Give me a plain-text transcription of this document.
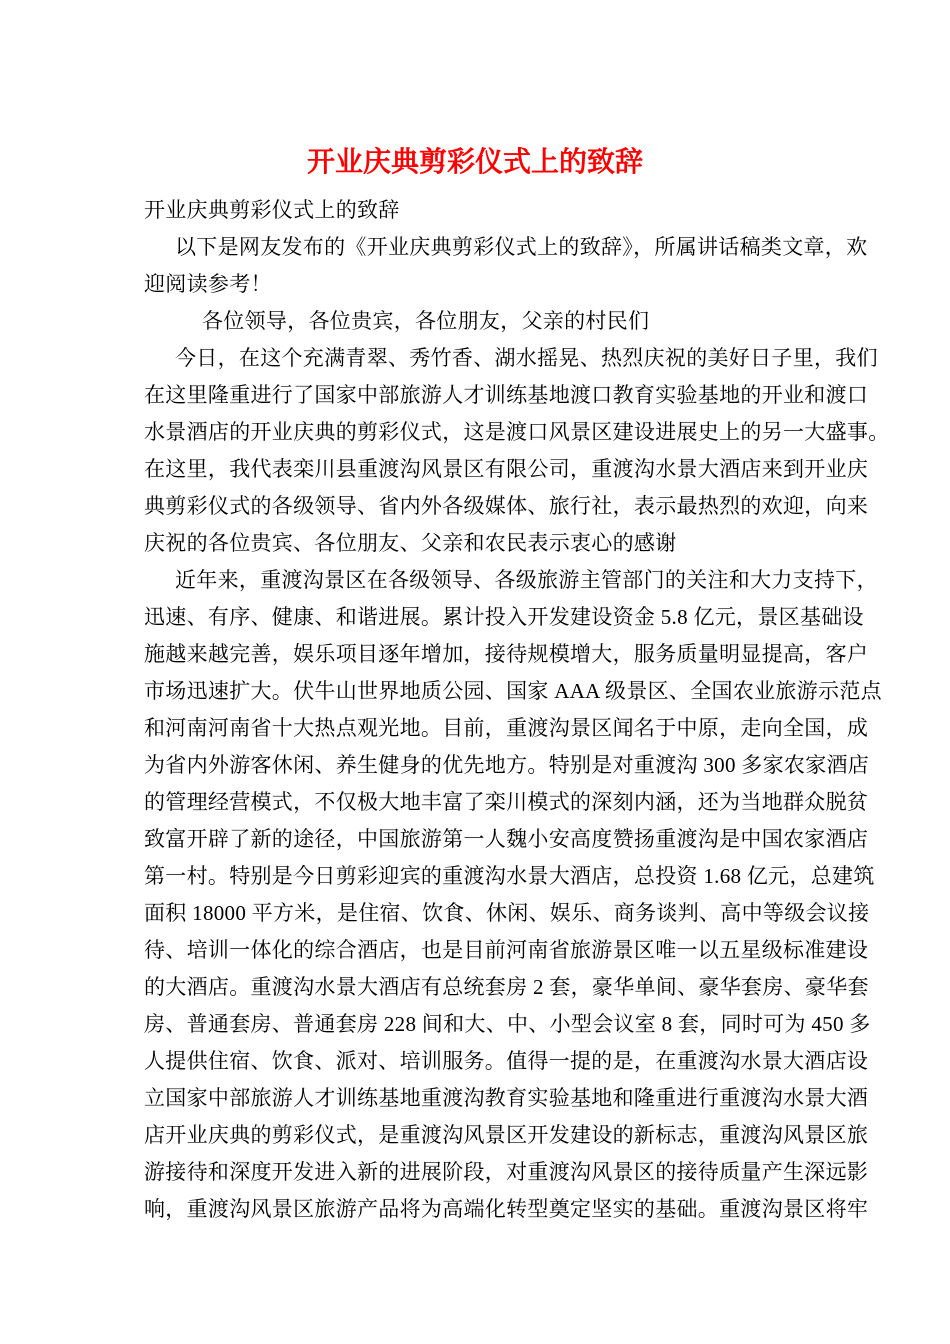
开业庆典剪彩仪式上的致辞

开业庆典剪彩仪式上的致辞

以下是网友发布的《开业庆典剪彩仪式上的致辞》，所属讲话稿类文章，欢
迎阅读参考！

各位领导，各位贵宾，各位朋友，父亲的村民们

今日，在这个充满青翠、秀竹香、湖水摇晃、热烈庆祝的美好日子里，我们
在这里隆重进行了国家中部旅游人才训练基地渡口教育实验基地的开业和渡口
水景酒店的开业庆典的剪彩仪式，这是渡口风景区建设进展史上的另一大盛事。
在这里，我代表栾川县重渡沟风景区有限公司，重渡沟水景大酒店来到开业庆
典剪彩仪式的各级领导、省内外各级媒体、旅行社，表示最热烈的欢迎，向来
庆祝的各位贵宾、各位朋友、父亲和农民表示衷心的感谢

近年来，重渡沟景区在各级领导、各级旅游主管部门的关注和大力支持下，
迅速、有序、健康、和谐进展。累计投入开发建设资金 5.8 亿元，景区基础设
施越来越完善，娱乐项目逐年增加，接待规模增大，服务质量明显提高，客户
市场迅速扩大。伏牛山世界地质公园、国家 AAA 级景区、全国农业旅游示范点
和河南河南省十大热点观光地。目前，重渡沟景区闻名于中原，走向全国，成
为省内外游客休闲、养生健身的优先地方。特别是对重渡沟 300 多家农家酒店
的管理经营模式，不仅极大地丰富了栾川模式的深刻内涵，还为当地群众脱贫
致富开辟了新的途径，中国旅游第一人魏小安高度赞扬重渡沟是中国农家酒店
第一村。特别是今日剪彩迎宾的重渡沟水景大酒店，总投资 1.68 亿元，总建筑
面积 18000 平方米，是住宿、饮食、休闲、娱乐、商务谈判、高中等级会议接
待、培训一体化的综合酒店，也是目前河南省旅游景区唯一以五星级标准建设
的大酒店。重渡沟水景大酒店有总统套房 2 套，豪华单间、豪华套房、豪华套
房、普通套房、普通套房 228 间和大、中、小型会议室 8 套，同时可为 450 多
人提供住宿、饮食、派对、培训服务。值得一提的是，在重渡沟水景大酒店设
立国家中部旅游人才训练基地重渡沟教育实验基地和隆重进行重渡沟水景大酒
店开业庆典的剪彩仪式，是重渡沟风景区开发建设的新标志，重渡沟风景区旅
游接待和深度开发进入新的进展阶段，对重渡沟风景区的接待质量产生深远影
响，重渡沟风景区旅游产品将为高端化转型奠定坚实的基础。重渡沟景区将牢
